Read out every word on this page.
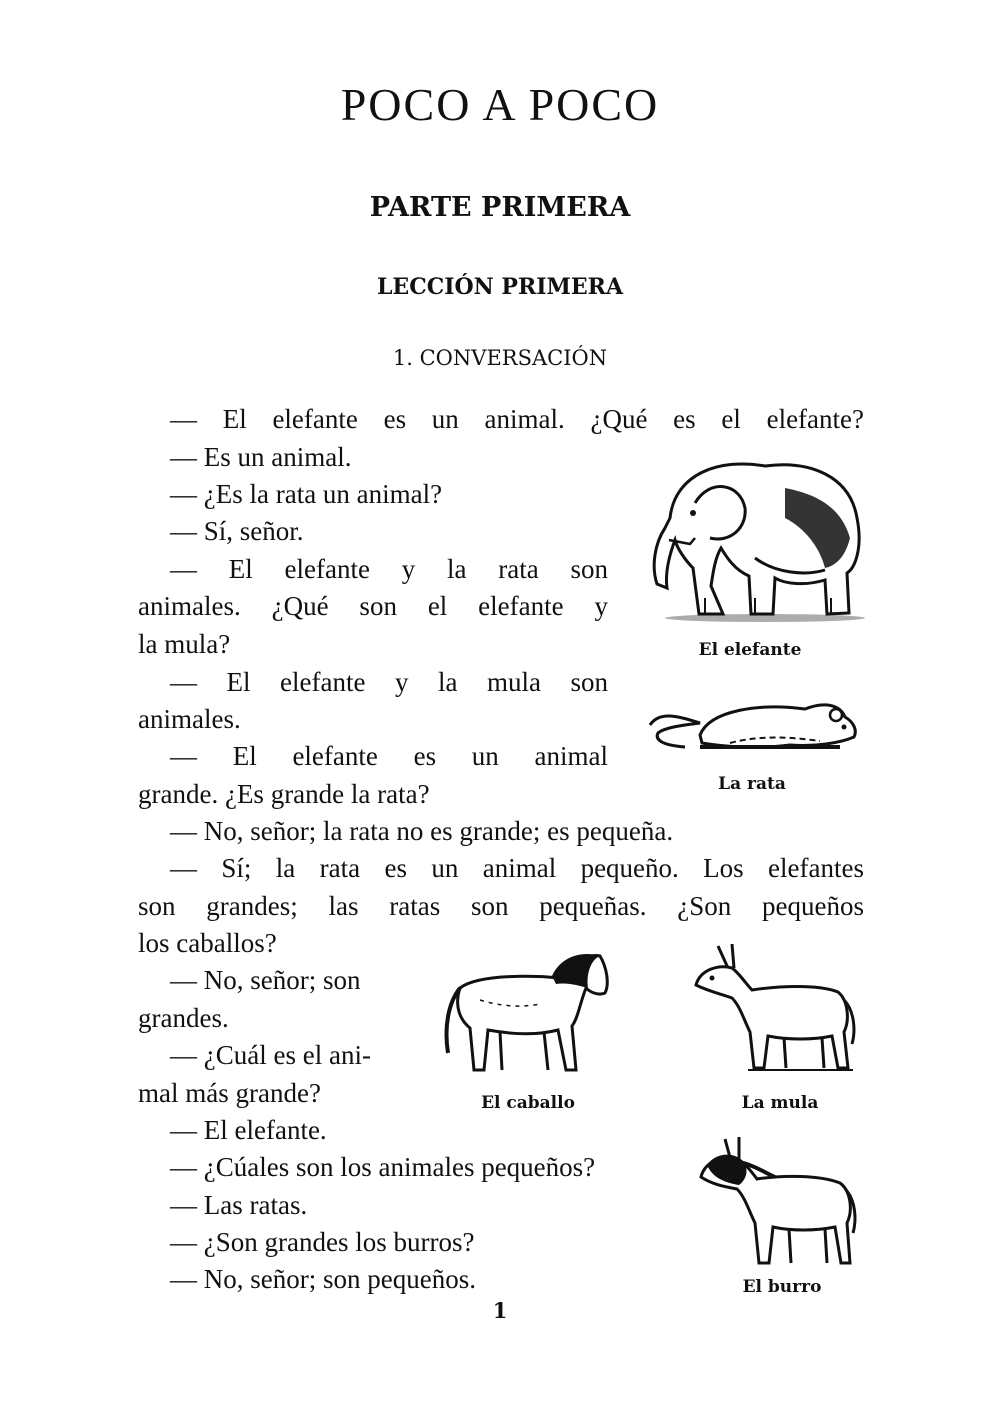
POCO A POCO
PARTE PRIMERA
LECCIÓN PRIMERA
1. CONVERSACIÓN
— El elefante es un animal. ¿Qué es el elefante?
— Es un animal.
— ¿Es la rata un animal?
— Sí, señor.
— El elefante y la rata son
animales. ¿Qué son el elefante y
la mula?
— El elefante y la mula son
animales.
— El elefante es un animal
grande. ¿Es grande la rata?
— No, señor; la rata no es grande; es pequeña.
— Sí; la rata es un animal pequeño. Los elefantes
son grandes; las ratas son pequeñas. ¿Son pequeños
los caballos?
— No, señor; son
grandes.
— ¿Cuál es el ani-
mal más grande?
— El elefante.
— ¿Cúales son los animales pequeños?
— Las ratas.
— ¿Son grandes los burros?
— No, señor; son pequeños.
El elefante
La rata
El caballo	La mula
El burro
1
